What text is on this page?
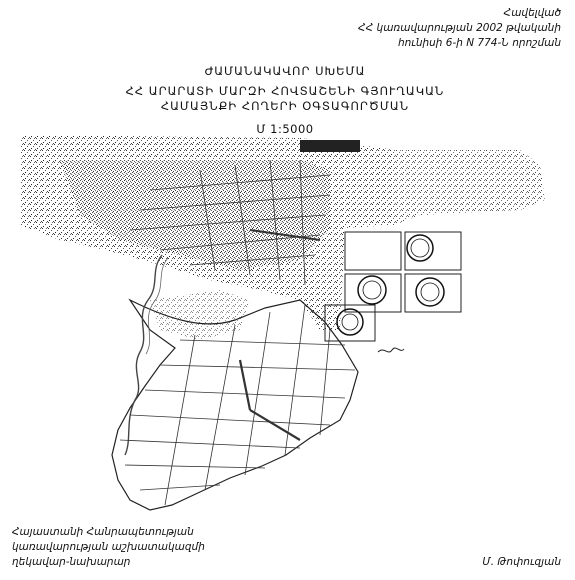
Հավելված
ՀՀ կառավարության 2002 թվականի
հունիսի 6-ի N 774-Ն որոշման
ԺԱՄԱՆԱԿԱՎՈՐ ՍԽԵՄԱ
ՀՀ ԱՐԱՐԱՏԻ ՄԱՐԶԻ ՀՈՎՏԱՇԵՆԻ ԳՅՈՒՂԱԿԱՆ
ՀԱՄԱՅՆՔԻ ՀՈՂԵՐԻ ՕԳՏԱԳՈՐԾՄԱՆ
Մ 1:5000
Հայաստանի Հանրապետության
կառավարության աշխատակազմի
ղեկավար-նախարար	Մ. Թոփուզյան
